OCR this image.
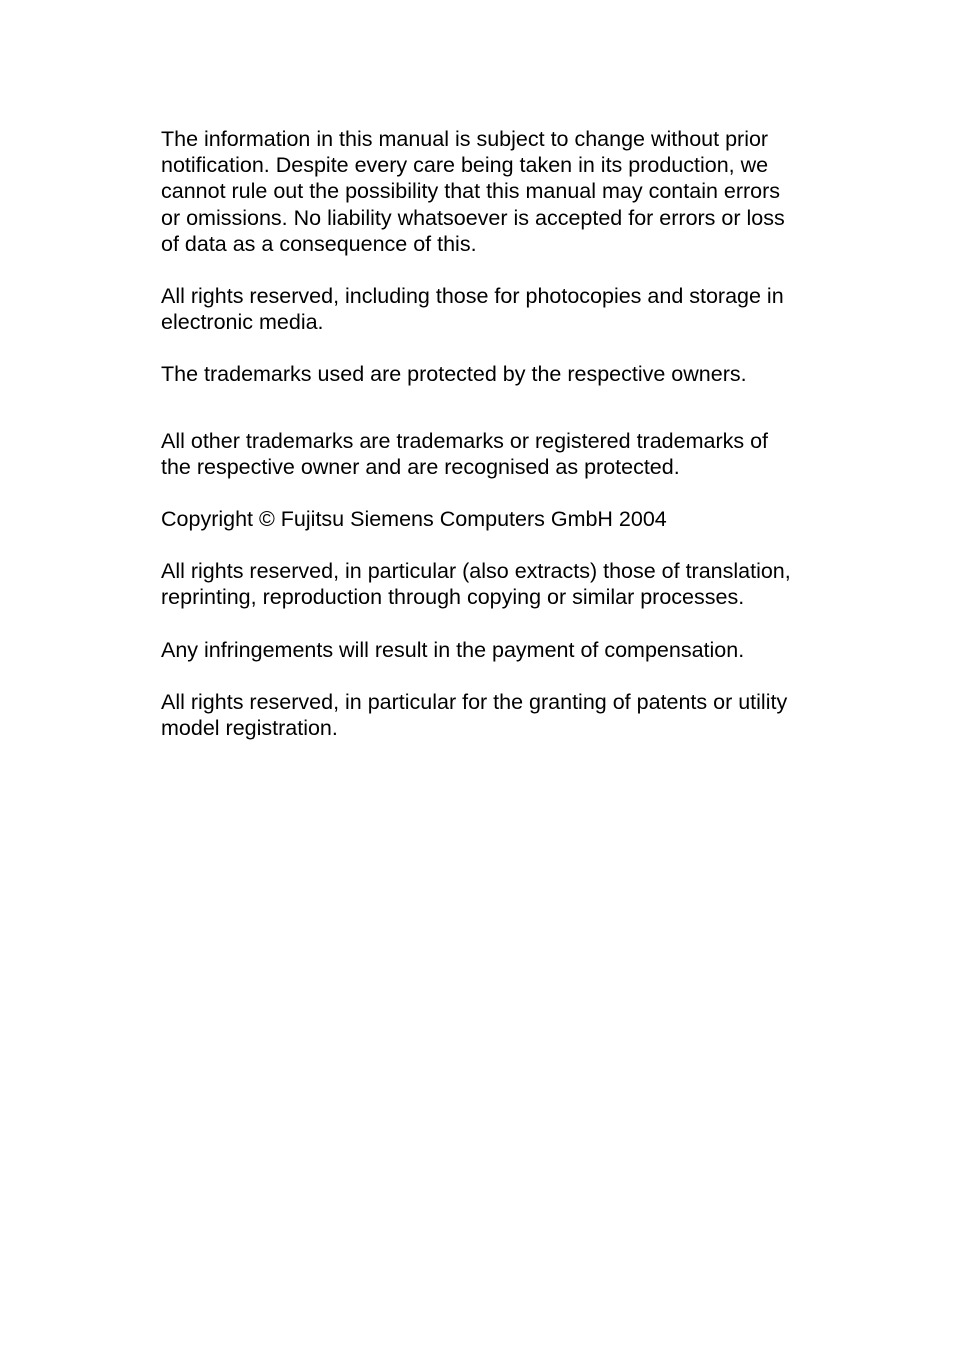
The information in this manual is subject to change without prior
notification. Despite every care being taken in its production, we
cannot rule out the possibility that this manual may contain errors
or omissions. No liability whatsoever is accepted for errors or loss
of data as a consequence of this.

All rights reserved, including those for photocopies and storage in
electronic media.

The trademarks used are protected by the respective owners.

All other trademarks are trademarks or registered trademarks of
the respective owner and are recognised as protected.

Copyright © Fujitsu Siemens Computers GmbH 2004

All rights reserved, in particular (also extracts) those of translation,
reprinting, reproduction through copying or similar processes.

Any infringements will result in the payment of compensation.

All rights reserved, in particular for the granting of patents or utility
model registration.
